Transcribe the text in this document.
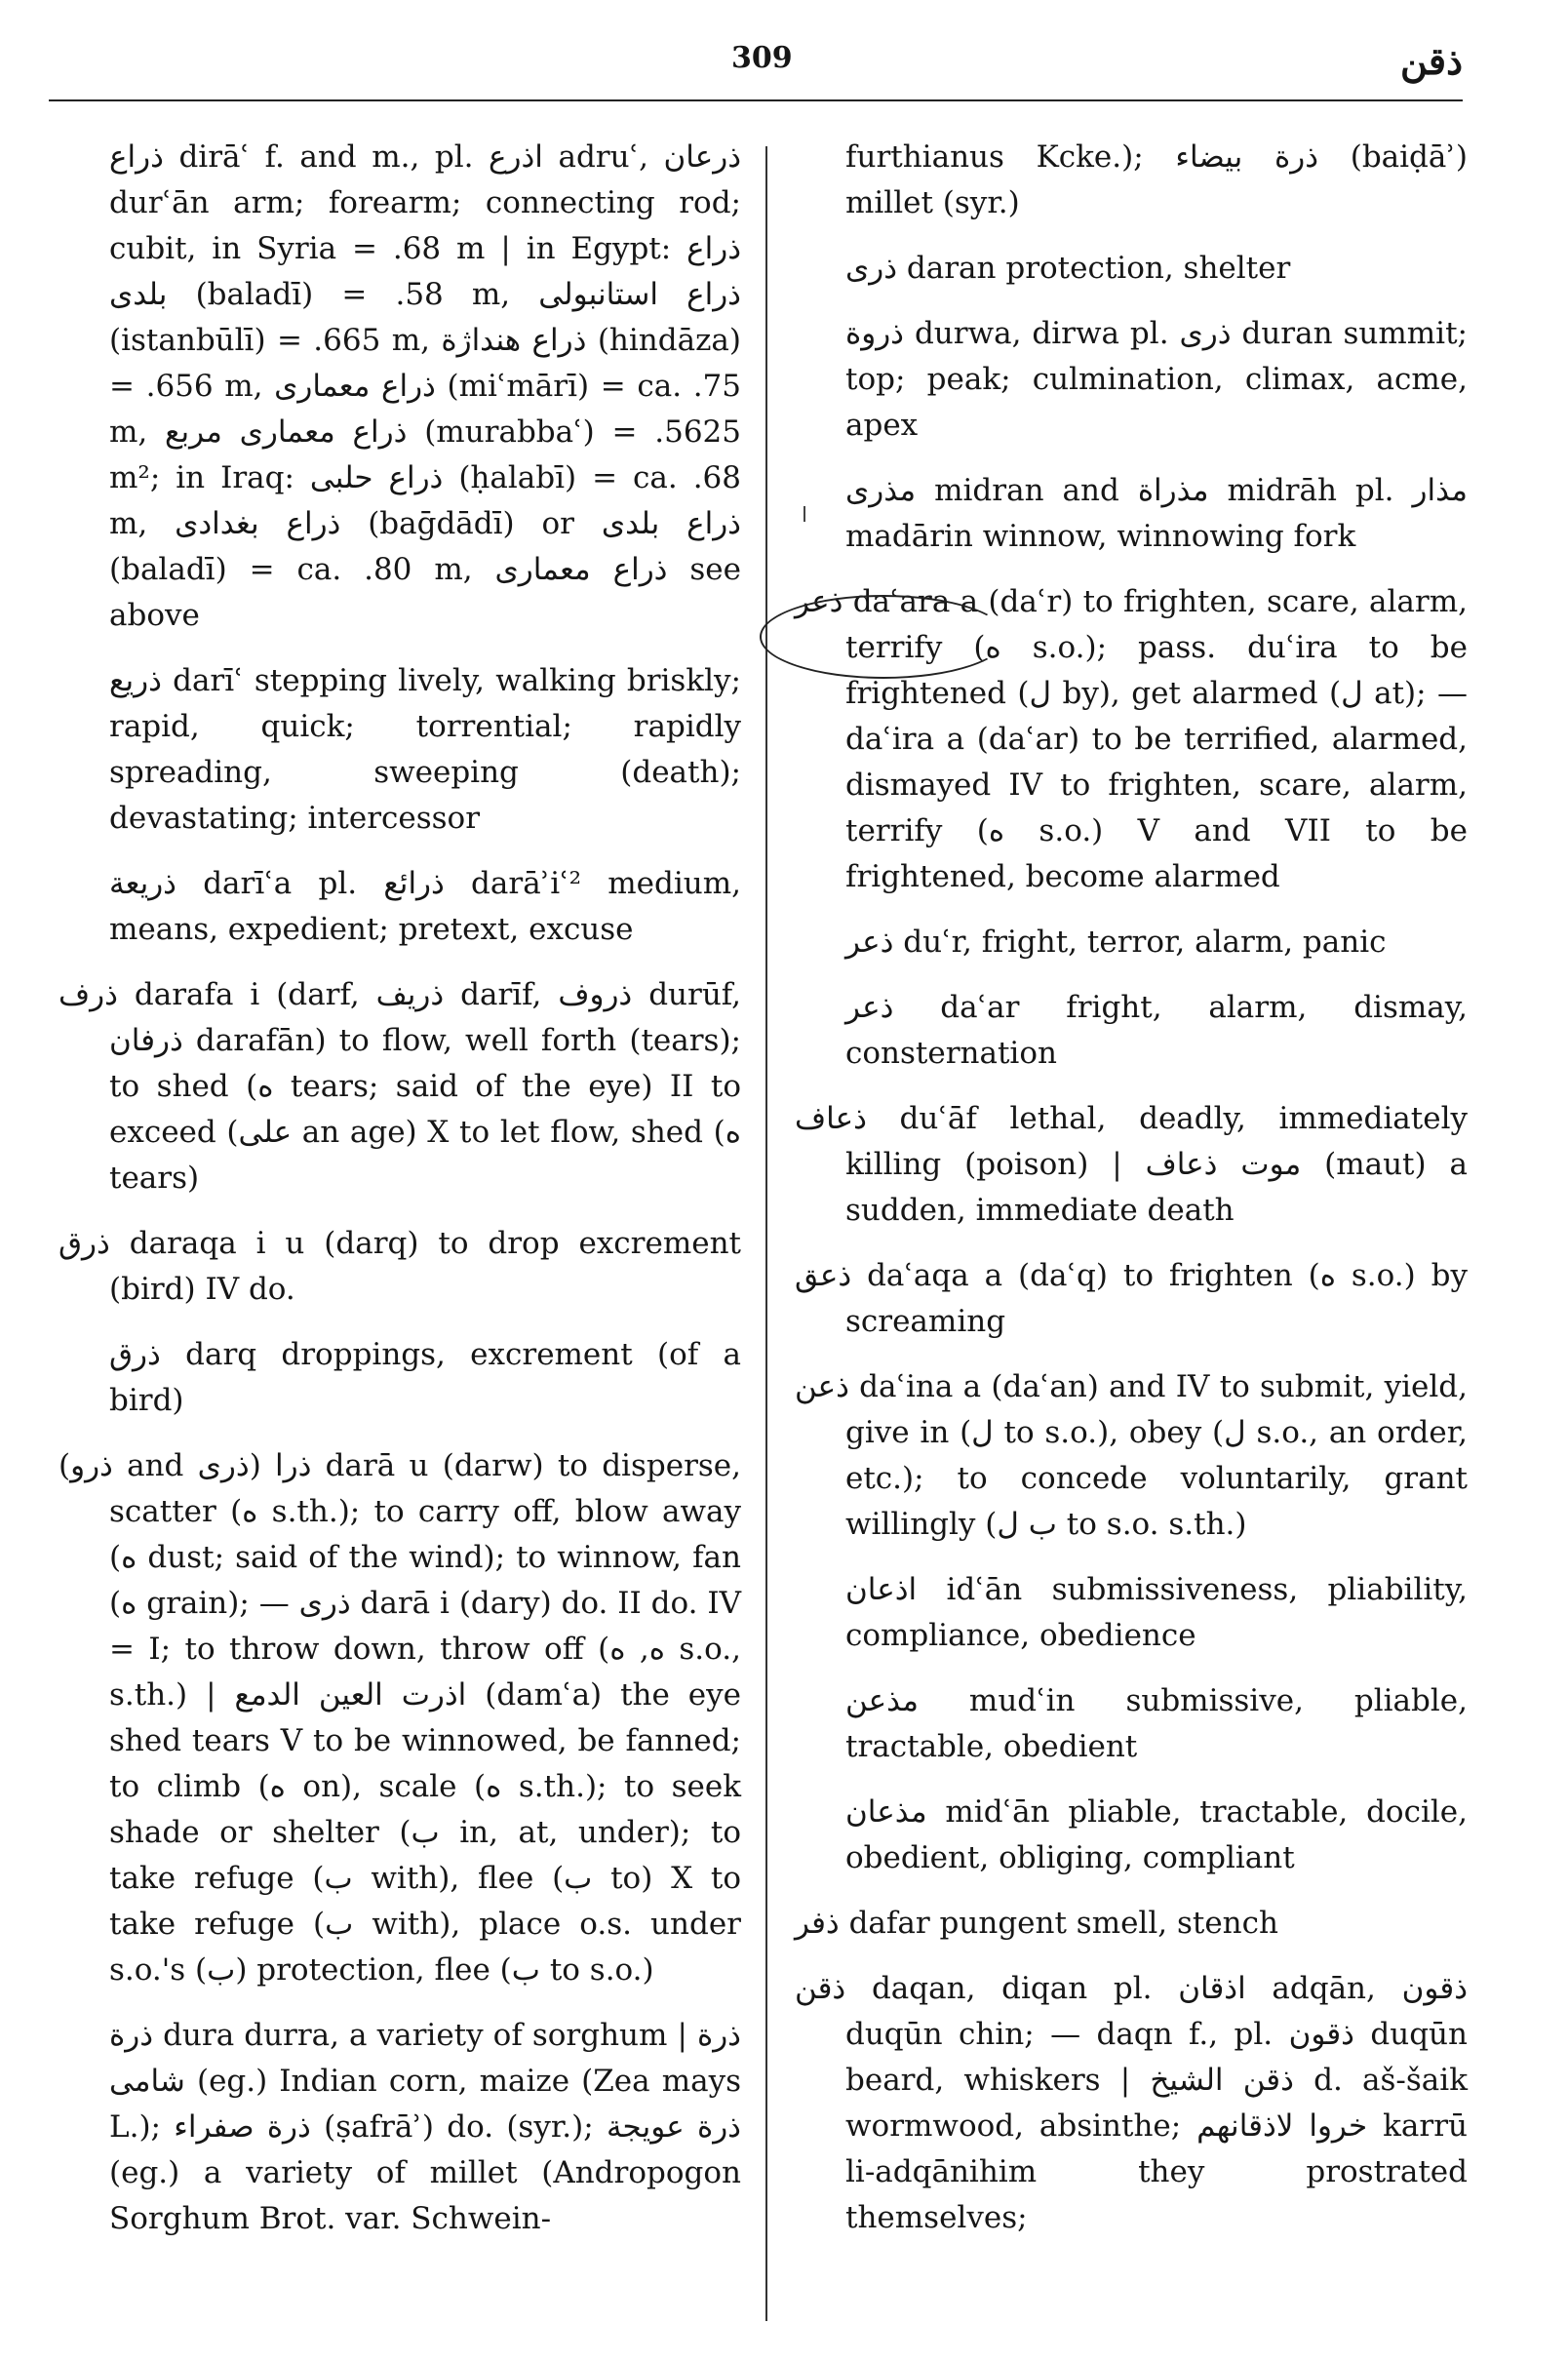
309	ذقن

ذراع dirāʿ f. and m., pl. اذرع adruʿ, ذرعان durʿān arm; forearm; connecting rod; cubit, in Syria = .68 m | in Egypt: ذراع بلدى (baladī) = .58 m, ذراع استانبولى (istanbūlī) = .665 m, ذراع هنداژة (hindāza) = .656 m, ذراع معمارى (miʿmārī) = ca. .75 m, ذراع معمارى مربع (murabbaʿ) = .5625 m²; in Iraq: ذراع حلبى (ḥalabī) = ca. .68 m, ذراع بغدادى (baḡdādī) or ذراع بلدى (baladī) = ca. .80 m, ذراع معمارى see above

ذريع darīʿ stepping lively, walking briskly; rapid, quick; torrential; rapidly spreading, sweeping (death); devastating; intercessor

ذريعة darīʿa pl. ذرائع darāʾiʿ² medium, means, expedient; pretext, excuse

ذرف darafa i (darf, ذريف darīf, ذروف durūf, ذرفان darafān) to flow, well forth (tears); to shed (ه tears; said of the eye) II to exceed (على an age) X to let flow, shed (ه tears)

ذرق daraqa i u (darq) to drop excrement (bird) IV do.

ذرق darq droppings, excrement (of a bird)

(ذرو and ذرى) ذرا darā u (darw) to disperse, scatter (ه s.th.); to carry off, blow away (ه dust; said of the wind); to winnow, fan (ه grain); — ذرى darā i (dary) do. II do. IV = I; to throw down, throw off (ه, ه s.o., s.th.) | اذرت العين الدمع (damʿa) the eye shed tears V to be winnowed, be fanned; to climb (ه on), scale (ه s.th.); to seek shade or shelter (ب in, at, under); to take refuge (ب with), flee (ب to) X to take refuge (ب with), place o.s. under s.o.'s (ب) protection, flee (ب to s.o.)

ذرة dura durra, a variety of sorghum | ذرة شامى (eg.) Indian corn, maize (Zea mays L.); ذرة صفراء (ṣafrāʾ) do. (syr.); ذرة عويجة (eg.) a variety of millet (Andropogon Sorghum Brot. var. Schwein-

furthianus Kcke.); ذرة بيضاء (baiḍāʾ) millet (syr.)

ذرى daran protection, shelter

ذروة durwa, dirwa pl. ذرى duran summit; top; peak; culmination, climax, acme, apex

مذرى midran and مذراة midrāh pl. مذار madārin winnow, winnowing fork

ذعر daʿara a (daʿr) to frighten, scare, alarm, terrify (ه s.o.); pass. duʿira to be frightened (ل by), get alarmed (ل at); — daʿira a (daʿar) to be terrified, alarmed, dismayed IV to frighten, scare, alarm, terrify (ه s.o.) V and VII to be frightened, become alarmed

ذعر duʿr, fright, terror, alarm, panic

ذعر daʿar fright, alarm, dismay, consternation

ذعاف duʿāf lethal, deadly, immediately killing (poison) | موت ذعاف (maut) a sudden, immediate death

ذعق daʿaqa a (daʿq) to frighten (ه s.o.) by screaming

ذعن daʿina a (daʿan) and IV to submit, yield, give in (ل to s.o.), obey (ل s.o., an order, etc.); to concede voluntarily, grant willingly (ب ل to s.o. s.th.)

اذعان idʿān submissiveness, pliability, compliance, obedience

مذعن mudʿin submissive, pliable, tractable, obedient

مذعان midʿān pliable, tractable, docile, obedient, obliging, compliant

ذفر dafar pungent smell, stench

ذقن daqan, diqan pl. اذقان adqān, ذقون duqūn chin; — daqn f., pl. ذقون duqūn beard, whiskers | ذقن الشيخ d. aš-šaik wormwood, absinthe; خروا لاذقانهم karrū li-adqānihim they prostrated themselves;
